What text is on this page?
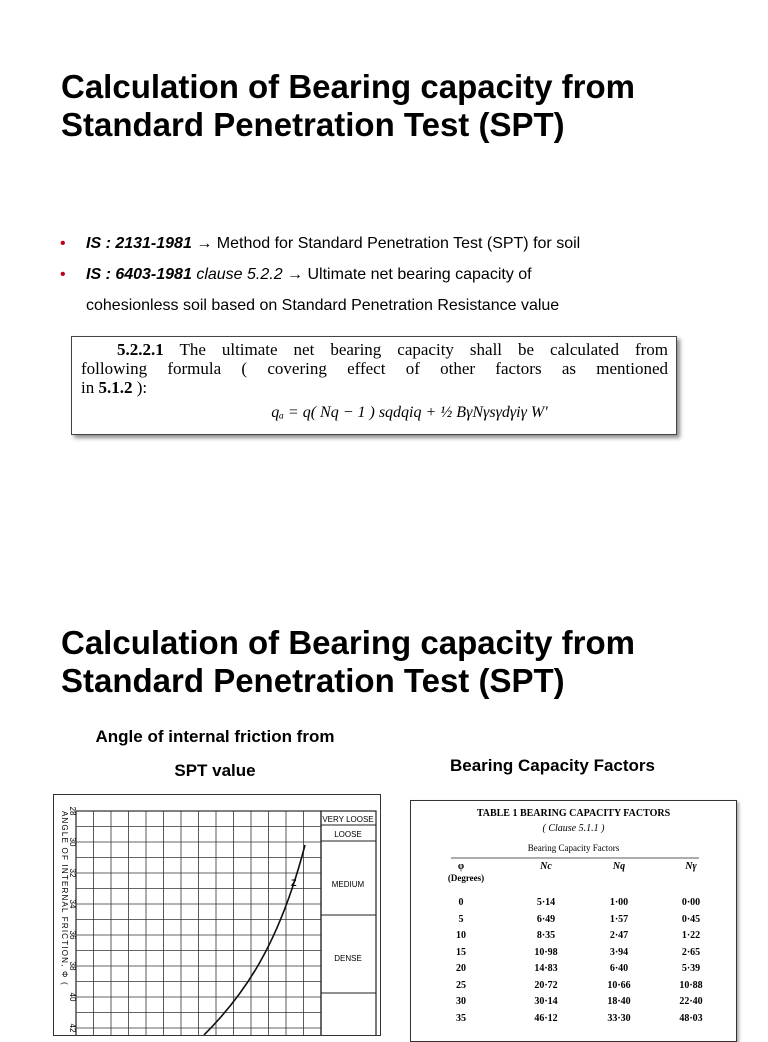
Calculation of Bearing capacity from
Standard Penetration Test (SPT)
• IS : 2131-1981 → Method for Standard Penetration Test (SPT) for soil
• IS : 6403-1981 clause 5.2.2 → Ultimate net bearing capacity of
cohesionless soil based on Standard Penetration Resistance value

5.2.2.1 The ultimate net bearing capacity shall be calculated from

following formula ( covering effect of other factors as mentioned

in 5.1.2 ):

qₐ = q( Nq − 1 ) sqdqiq + ½ BγNγsγdγiγ W′
Calculation of Bearing capacity from
Standard Penetration Test (SPT)
Angle of internal friction from
SPT value	Bearing Capacity Factors
VERY LOOSE
LOOSE
MEDIUM
DENSE
ANGLE OF INTERNAL FRICTION, Φ ( 28
30
32
34
36
38
40
42
Z
TABLE 1 BEARING CAPACITY FACTORS
( Clause 5.1.1 )
Bearing Capacity Factors
φ	Nc	Nq	Nγ
(Degrees)
0	5·14	1·00	0·00
5	6·49	1·57	0·45
10	8·35	2·47	1·22
15	10·98	3·94	2·65
20	14·83	6·40	5·39
25	20·72	10·66	10·88
30	30·14	18·40	22·40
35	46·12	33·30	48·03
